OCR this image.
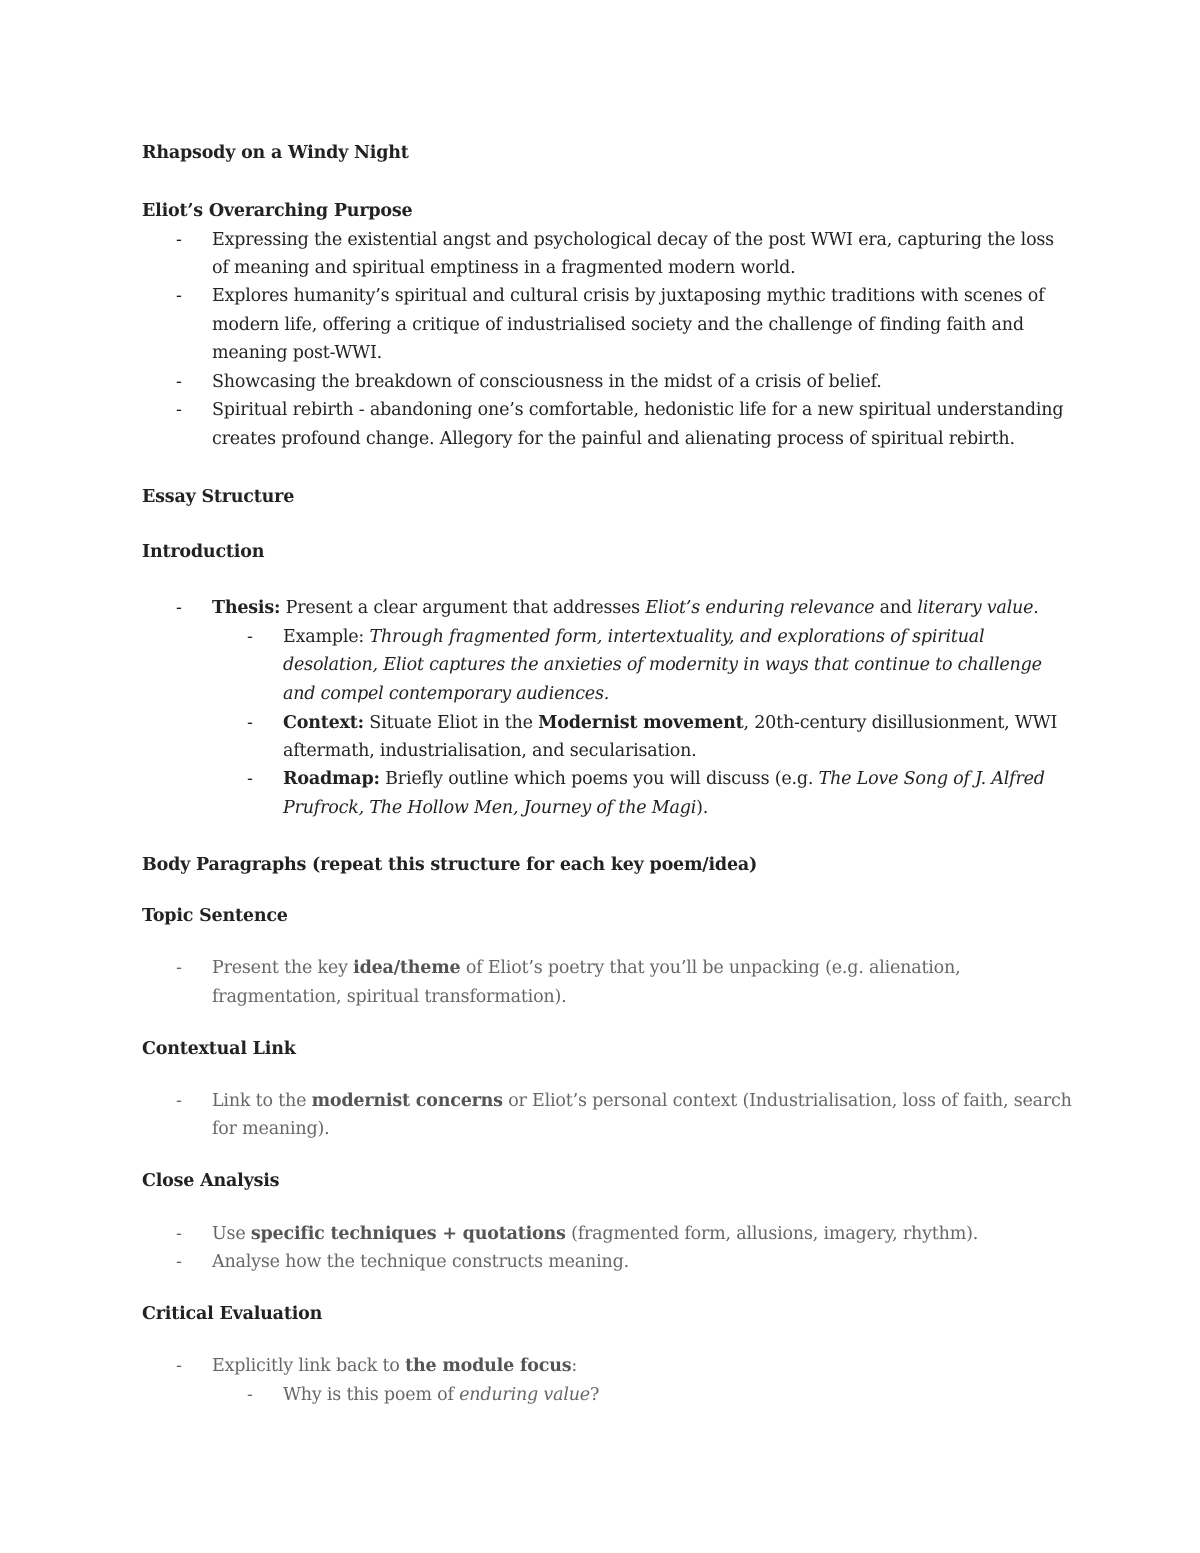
Rhapsody on a Windy Night
Eliot’s Overarching Purpose
- Expressing the existential angst and psychological decay of the post WWI era, capturing the loss
of meaning and spiritual emptiness in a fragmented modern world.
- Explores humanity’s spiritual and cultural crisis by juxtaposing mythic traditions with scenes of
modern life, offering a critique of industrialised society and the challenge of finding faith and
meaning post-WWI.
- Showcasing the breakdown of consciousness in the midst of a crisis of belief.
- Spiritual rebirth - abandoning one’s comfortable, hedonistic life for a new spiritual understanding
creates profound change. Allegory for the painful and alienating process of spiritual rebirth.
Essay Structure
Introduction
- Thesis: Present a clear argument that addresses Eliot’s enduring relevance and literary value.
- Example: Through fragmented form, intertextuality, and explorations of spiritual
desolation, Eliot captures the anxieties of modernity in ways that continue to challenge
and compel contemporary audiences.
- Context: Situate Eliot in the Modernist movement, 20th-century disillusionment, WWI
aftermath, industrialisation, and secularisation.
- Roadmap: Briefly outline which poems you will discuss (e.g. The Love Song of J. Alfred
Prufrock, The Hollow Men, Journey of the Magi).
Body Paragraphs (repeat this structure for each key poem/idea)
Topic Sentence
- Present the key idea/theme of Eliot’s poetry that you’ll be unpacking (e.g. alienation,
fragmentation, spiritual transformation).
Contextual Link
- Link to the modernist concerns or Eliot’s personal context (Industrialisation, loss of faith, search
for meaning).
Close Analysis
- Use specific techniques + quotations (fragmented form, allusions, imagery, rhythm).
- Analyse how the technique constructs meaning.
Critical Evaluation
- Explicitly link back to the module focus:
- Why is this poem of enduring value?
